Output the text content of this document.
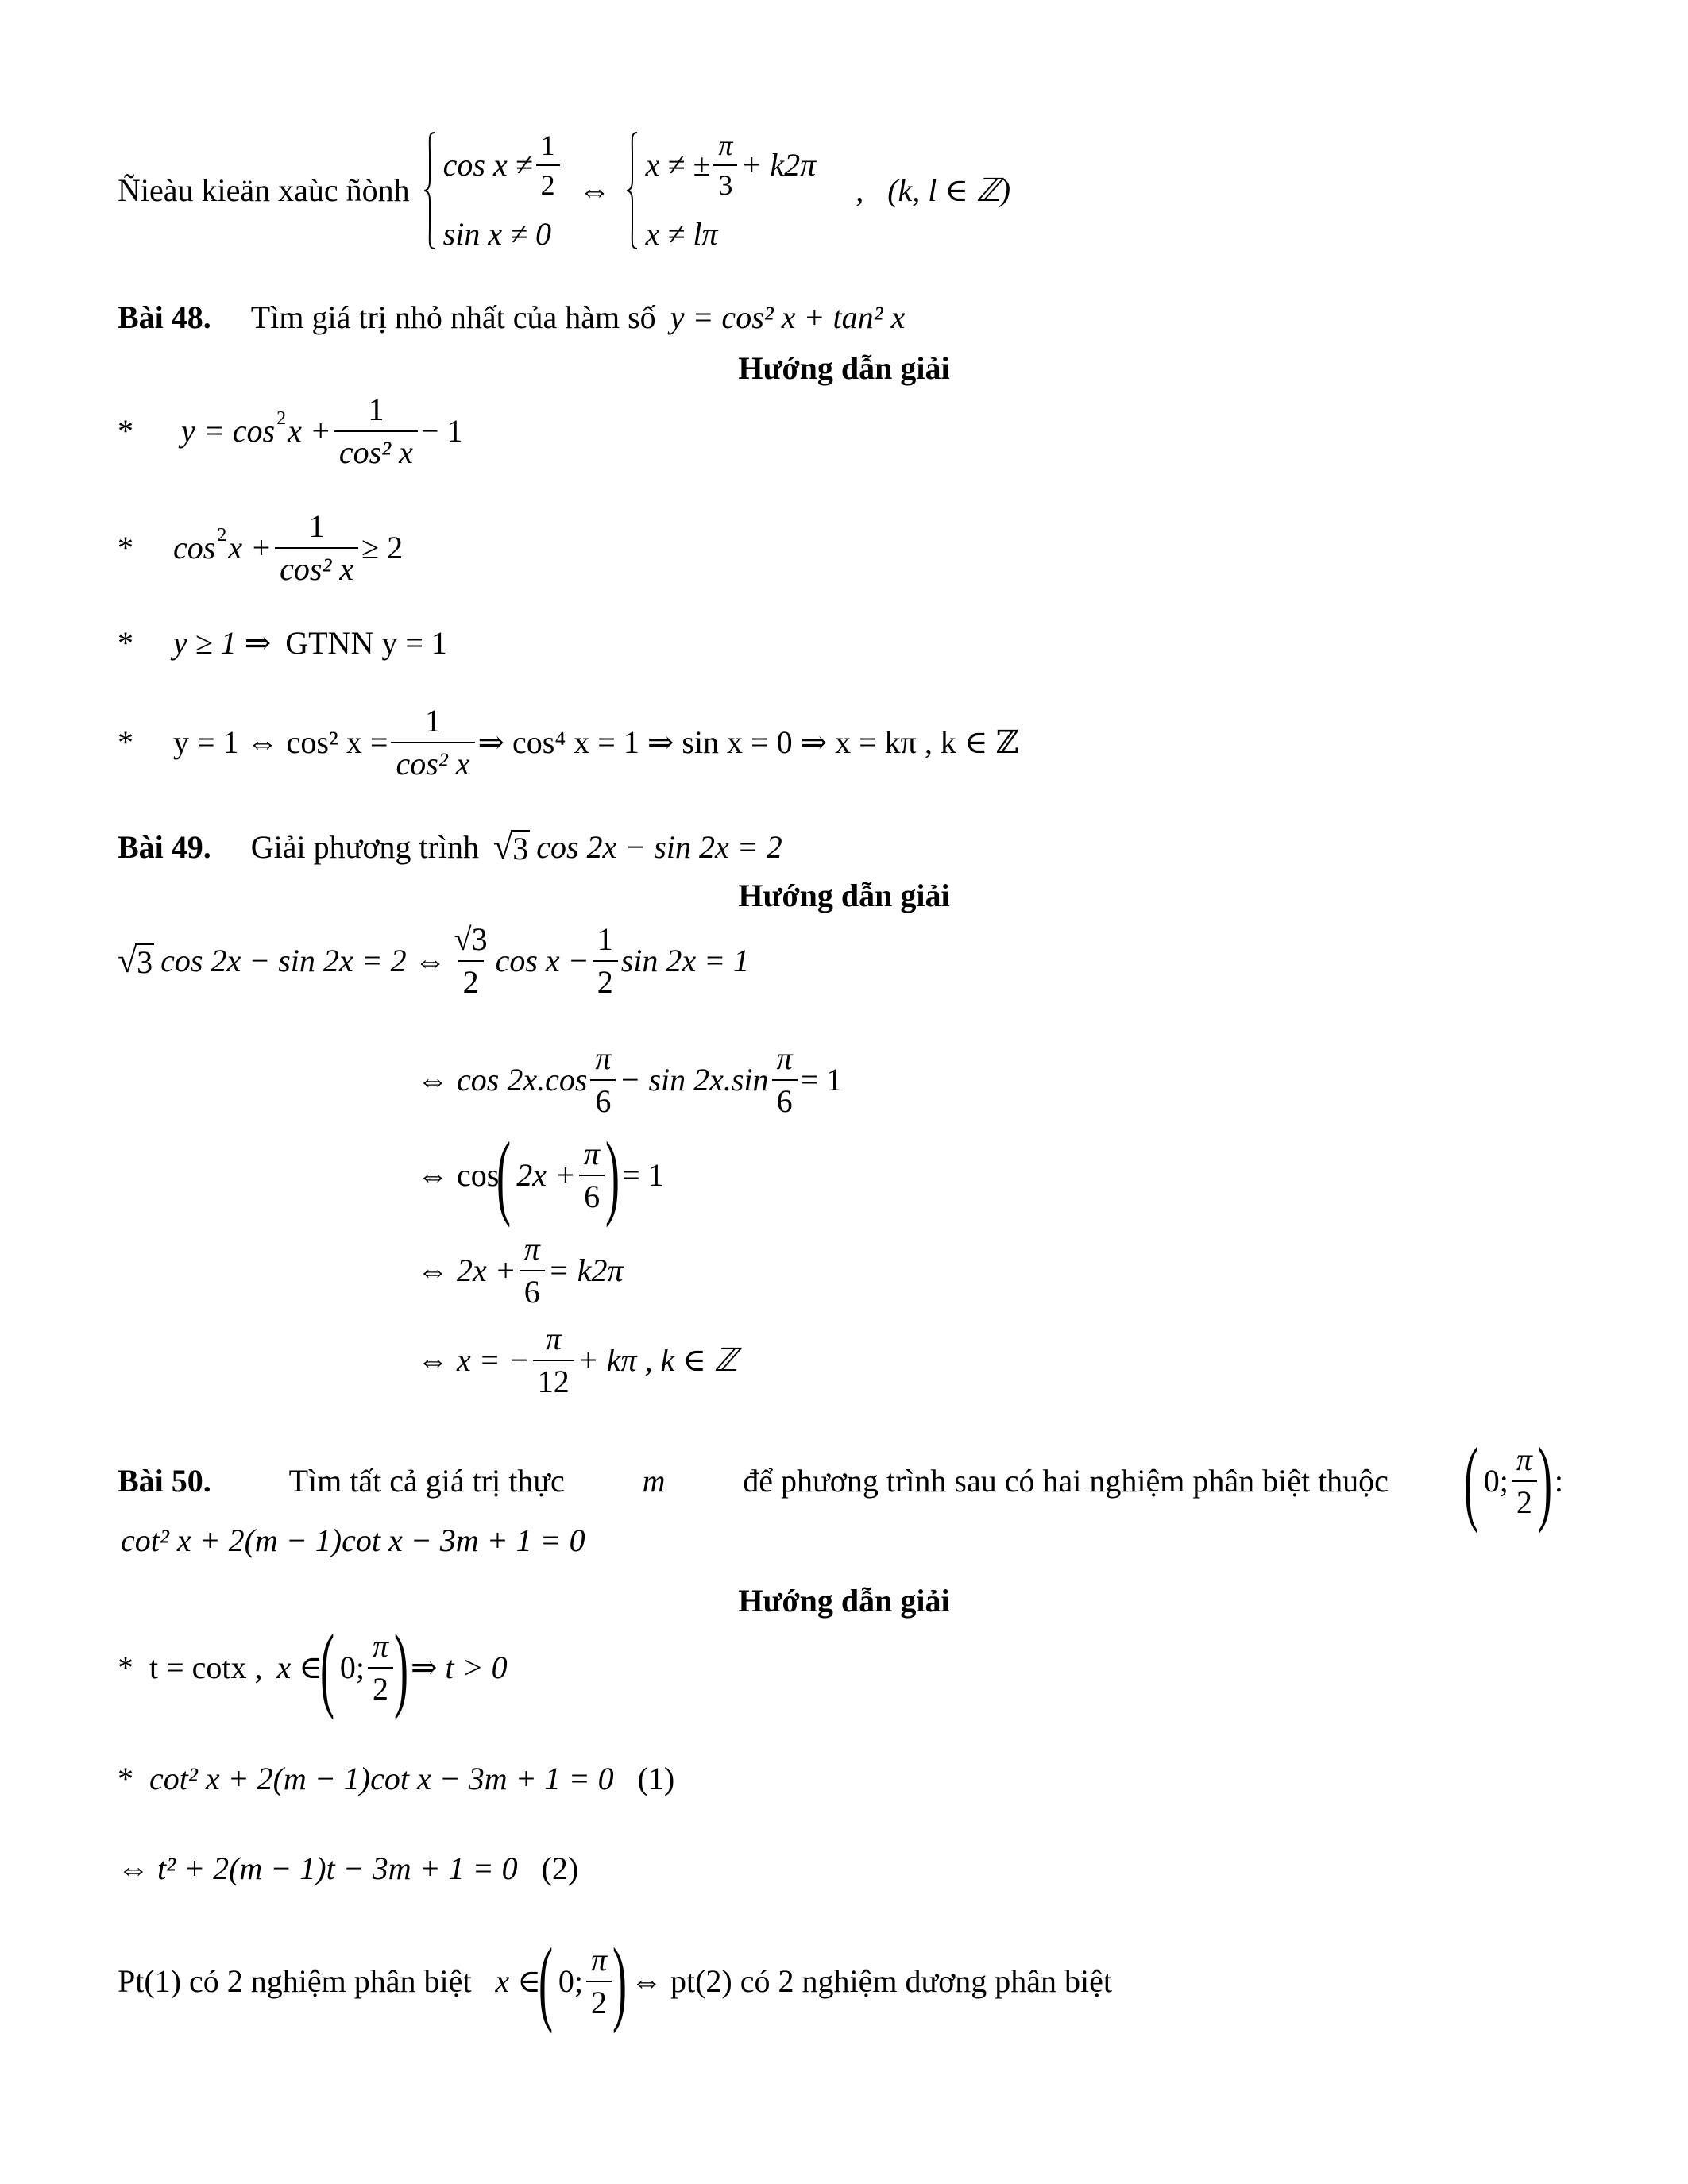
Ñieàu kieän xaùc ñònh
$\cos x \ne \frac{1}{2}$
sin x ≠ 0
⇔
x ≠ ± $\frac{\pi}{3} + k2\pi$
x ≠ lπ
, (k, l ∈ ℤ)
Bài 48. Tìm giá trị nhỏ nhất của hàm số y = cos² x + tan² x
Hướng dẫn giải
* y = cos 2 $x + \frac{1}{\text{cos² x}} - 1$
* cos 2 $x + \frac{1}{\text{cos² x}} \ge 2$
* y ≥ 1 ⇒ GTNN y = 1
* y = 1 ⇔ cos² $x = \frac{1}{\text{cos² x}}$ ⇒ cos⁴ x = 1 ⇒ sin x = 0 ⇒ x = kπ , k ∈ ℤ
Bài 49. Giải phương trình √ 3 cos 2x − sin 2x = 2
Hướng dẫn giải
√ 3 cos 2x − sin 2x = 2 ⇔ $\frac{√3}{2}$ $\cos x - \frac{1}{2}$ sin 2x = 1
⇔ $\cos 2x.\cos \frac{\pi}{6} - \sin 2x.\sin \frac{\pi}{6} = 1$
⇔ cos
( $2x + \frac{\pi}{6}$ ) = 1
⇔ $2x + \frac{\pi}{6} = k2\pi$
⇔ x = − $\frac{\pi}{12} + k\pi$ , k ∈ ℤ
Bài 50. Tìm tất cả giá trị thực m để phương trình sau có hai nghiệm phân biệt thuộc ( 0; $\frac{\pi}{2}$ ) :
cot² x + 2(m − 1)cot x − 3m + 1 = 0
Hướng dẫn giải
* t = cotx , x ∈
( 0; $\frac{\pi}{2}$ ) ⇒ t > 0
* cot² x + 2(m − 1)cot x − 3m + 1 = 0 (1)
⇔ t² + 2(m − 1)t − 3m + 1 = 0 (2)
Pt(1) có 2 nghiệm phân biệt x ∈
( 0; $\frac{\pi}{2}$ ) ⇔ pt(2) có 2 nghiệm dương phân biệt
